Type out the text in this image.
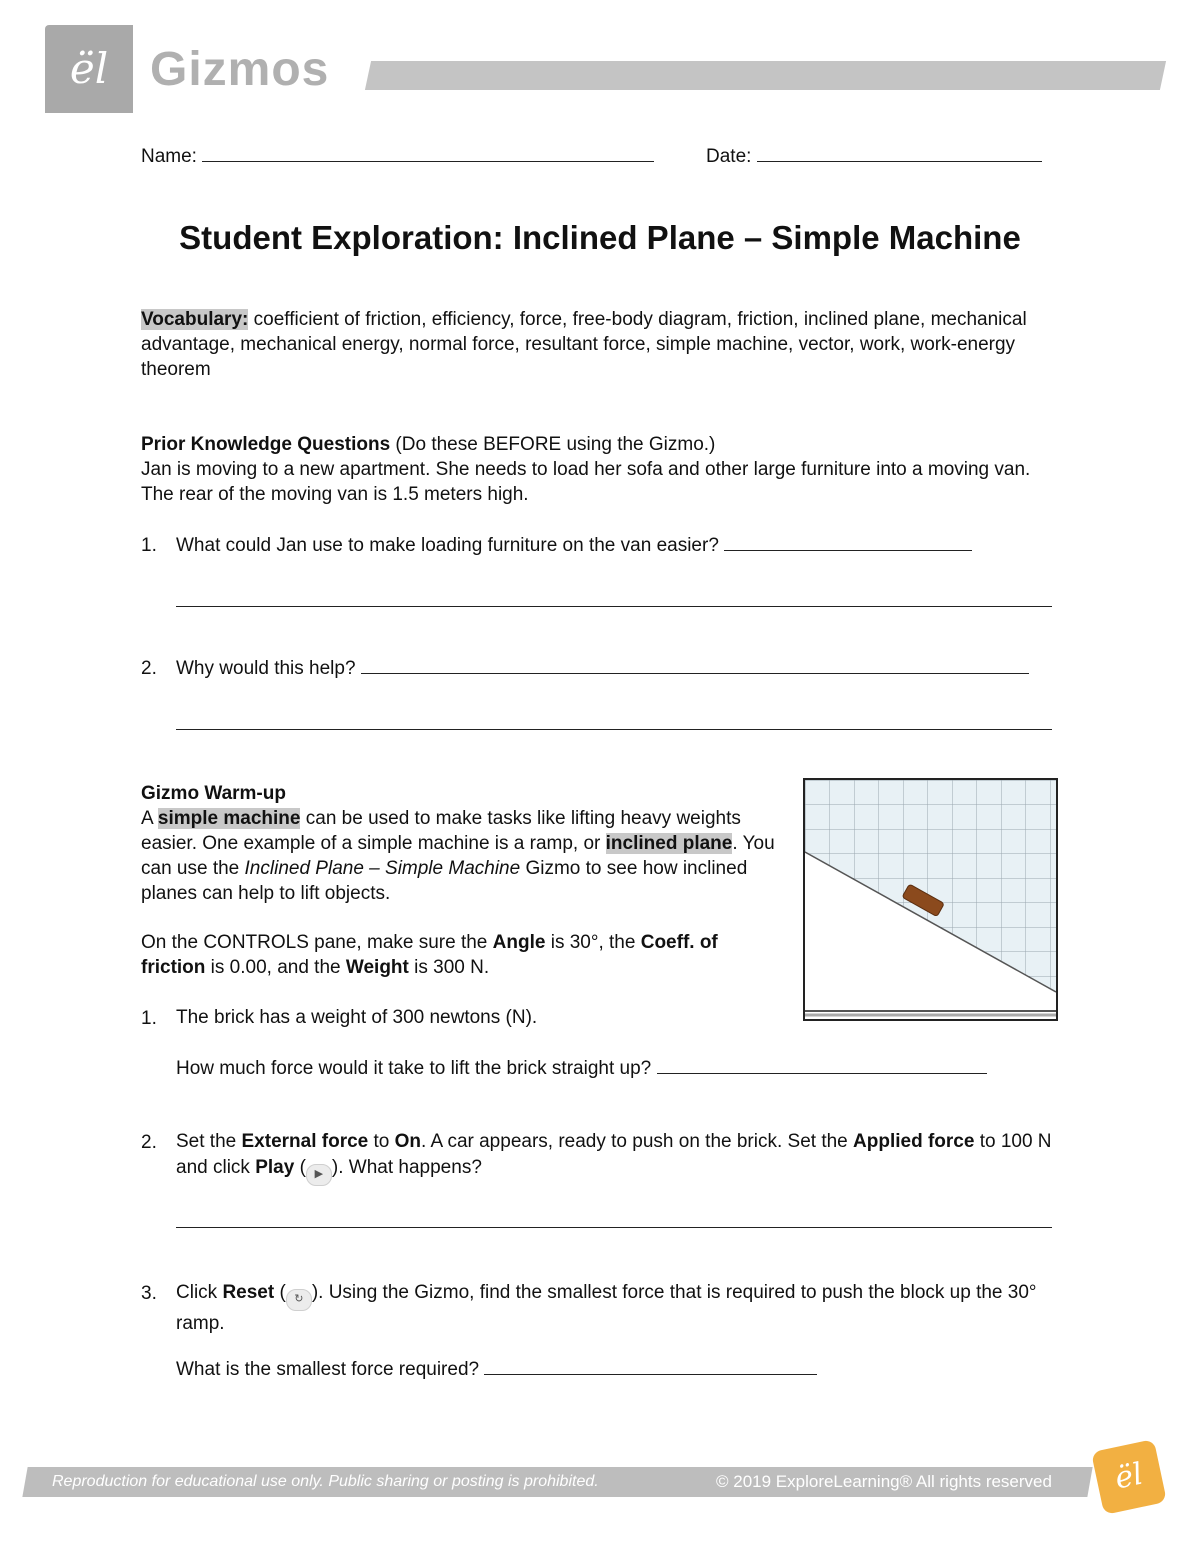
ël Gizmos
Name:	Date:
Student Exploration: Inclined Plane – Simple Machine
Vocabulary: coefficient of friction, efficiency, force, free-body diagram, friction, inclined plane, mechanical advantage, mechanical energy, normal force, resultant force, simple machine, vector, work, work-energy theorem
Prior Knowledge Questions (Do these BEFORE using the Gizmo.)
Jan is moving to a new apartment. She needs to load her sofa and other large furniture into a moving van. The rear of the moving van is 1.5 meters high.
1. What could Jan use to make loading furniture on the van easier?
2. Why would this help?
Gizmo Warm-up
A simple machine can be used to make tasks like lifting heavy weights easier. One example of a simple machine is a ramp, or inclined plane. You can use the Inclined Plane – Simple Machine Gizmo to see how inclined planes can help to lift objects.
On the CONTROLS pane, make sure the Angle is 30°, the Coeff. of friction is 0.00, and the Weight is 300 N.
1. The brick has a weight of 300 newtons (N).
How much force would it take to lift the brick straight up?
2. Set the External force to On. A car appears, ready to push on the brick. Set the Applied force to 100 N and click Play ( ▶ ). What happens?
3. Click Reset ( ↻ ). Using the Gizmo, find the smallest force that is required to push the block up the 30° ramp.
What is the smallest force required?
Reproduction for educational use only. Public sharing or posting is prohibited.	© 2019 ExploreLearning® All rights reserved	ël
